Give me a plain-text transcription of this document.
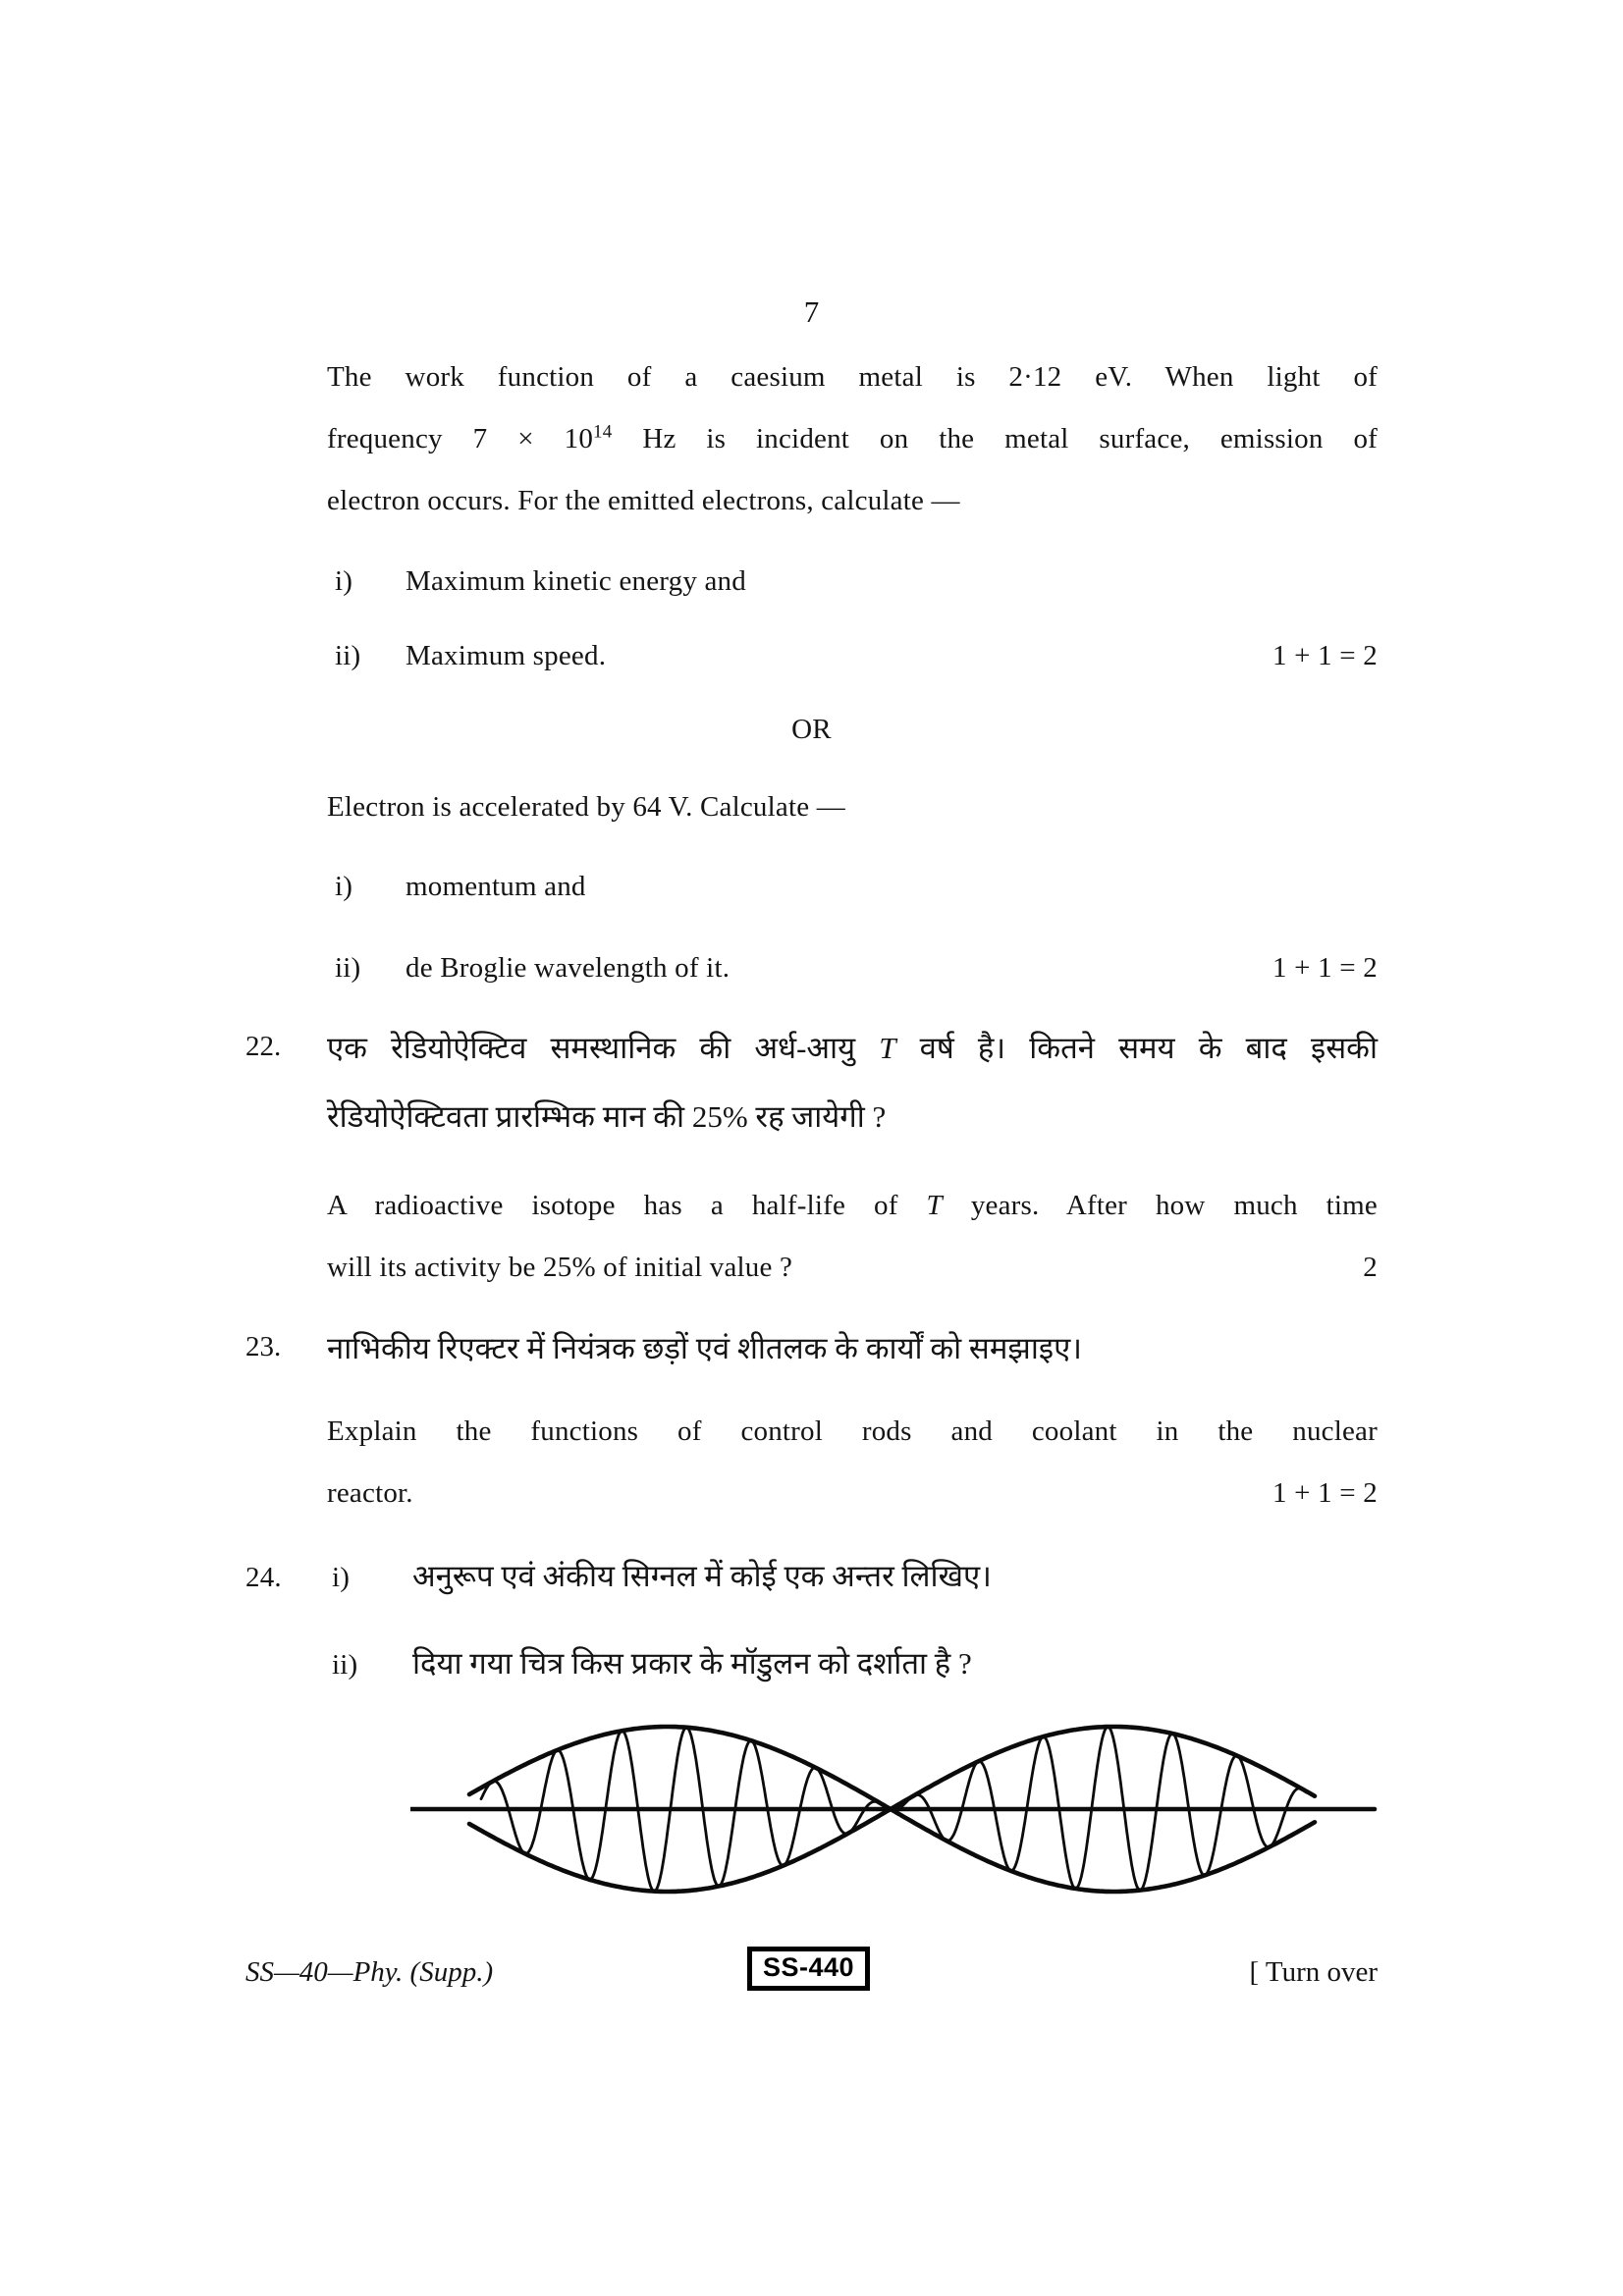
7
The work function of a caesium metal is 2·12 eV. When light of
frequency $7 \times 10^{14}$ Hz is incident on the metal surface, emission of
electron occurs. For the emitted electrons, calculate —
i)	Maximum kinetic energy and
ii)	Maximum speed.	1 + 1 = 2
OR
Electron is accelerated by 64 V. Calculate —
i)	momentum and
ii)	de Broglie wavelength of it.	1 + 1 = 2
22.	एक रेडियोऐक्टिव समस्थानिक की अर्ध-आयु T वर्ष है। कितने समय के बाद इसकी
रेडियोऐक्टिवता प्रारम्भिक मान की 25% रह जायेगी ?
A radioactive isotope has a half-life of T years. After how much time
will its activity be 25% of initial value ?	2
23.	नाभिकीय रिएक्टर में नियंत्रक छड़ों एवं शीतलक के कार्यों को समझाइए।
Explain the functions of control rods and coolant in the nuclear
reactor.	1 + 1 = 2
24.	i)	अनुरूप एवं अंकीय सिग्नल में कोई एक अन्तर लिखिए।
ii)	दिया गया चित्र किस प्रकार के मॉडुलन को दर्शाता है ?
SS—40—Phy. (Supp.)	SS-440	[ Turn over
